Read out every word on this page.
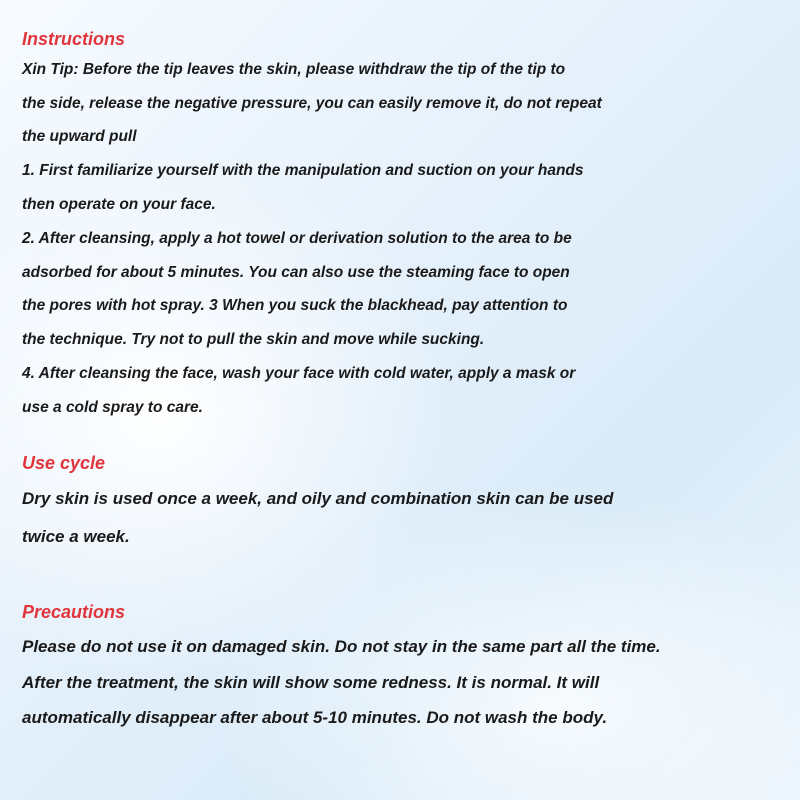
Instructions
Xin Tip: Before the tip leaves the skin, please withdraw the tip of the tip to
the side, release the negative pressure, you can easily remove it, do not repeat
the upward pull
1. First familiarize yourself with the manipulation and suction on your hands
then operate on your face.
2. After cleansing, apply a hot towel or derivation solution to the area to be
adsorbed for about 5 minutes. You can also use the steaming face to open
the pores with hot spray. 3 When you suck the blackhead, pay attention to
the technique. Try not to pull the skin and move while sucking.
4. After cleansing the face, wash your face with cold water, apply a mask or
use a cold spray to care.
Use cycle
Dry skin is used once a week, and oily and combination skin can be used
twice a week.
Precautions
Please do not use it on damaged skin. Do not stay in the same part all the time.
After the treatment, the skin will show some redness. It is normal. It will
automatically disappear after about 5-10 minutes. Do not wash the body.
